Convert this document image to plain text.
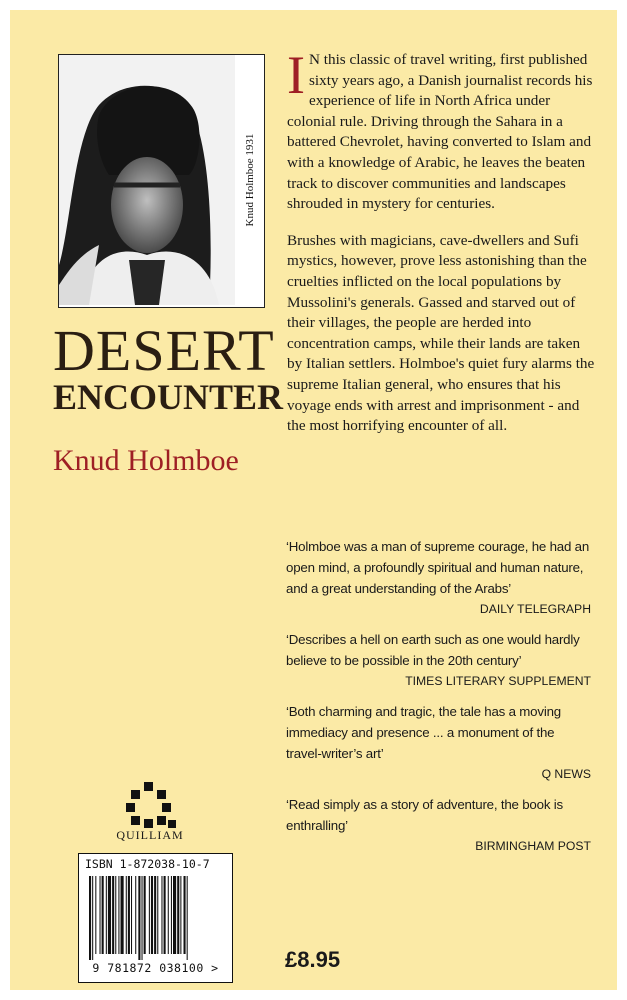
Knud Holmboe 1931
DESERT
ENCOUNTER
Knud Holmboe

I N this classic of travel writing, first published sixty years ago, a Danish journalist records his experience of life in North Africa under colonial rule. Driving through the Sahara in a battered Chevrolet, having converted to Islam and with a knowledge of Arabic, he leaves the beaten track to discover communities and landscapes shrouded in mystery for centuries.

Brushes with magicians, cave-dwellers and Sufi mystics, however, prove less astonishing than the cruelties inflicted on the local populations by Mussolini's generals. Gassed and starved out of their villages, the people are herded into concentration camps, while their lands are taken by Italian settlers. Holmboe's quiet fury alarms the supreme Italian general, who ensures that his voyage ends with arrest and imprisonment - and the most horrifying encounter of all.

‘Holmboe was a man of supreme courage, he had an open mind, a profoundly spiritual and human nature, and a great understanding of the Arabs’
DAILY TELEGRAPH
‘Describes a hell on earth such as one would hardly believe to be possible in the 20th century’
TIMES LITERARY SUPPLEMENT
‘Both charming and tragic, the tale has a moving immediacy and presence ... a monument of the travel-writer’s art’
Q NEWS
‘Read simply as a story of adventure, the book is enthralling’
BIRMINGHAM POST
QUILLIAM
ISBN 1-872038-10-7
9 781872 038100 >	£8.95
